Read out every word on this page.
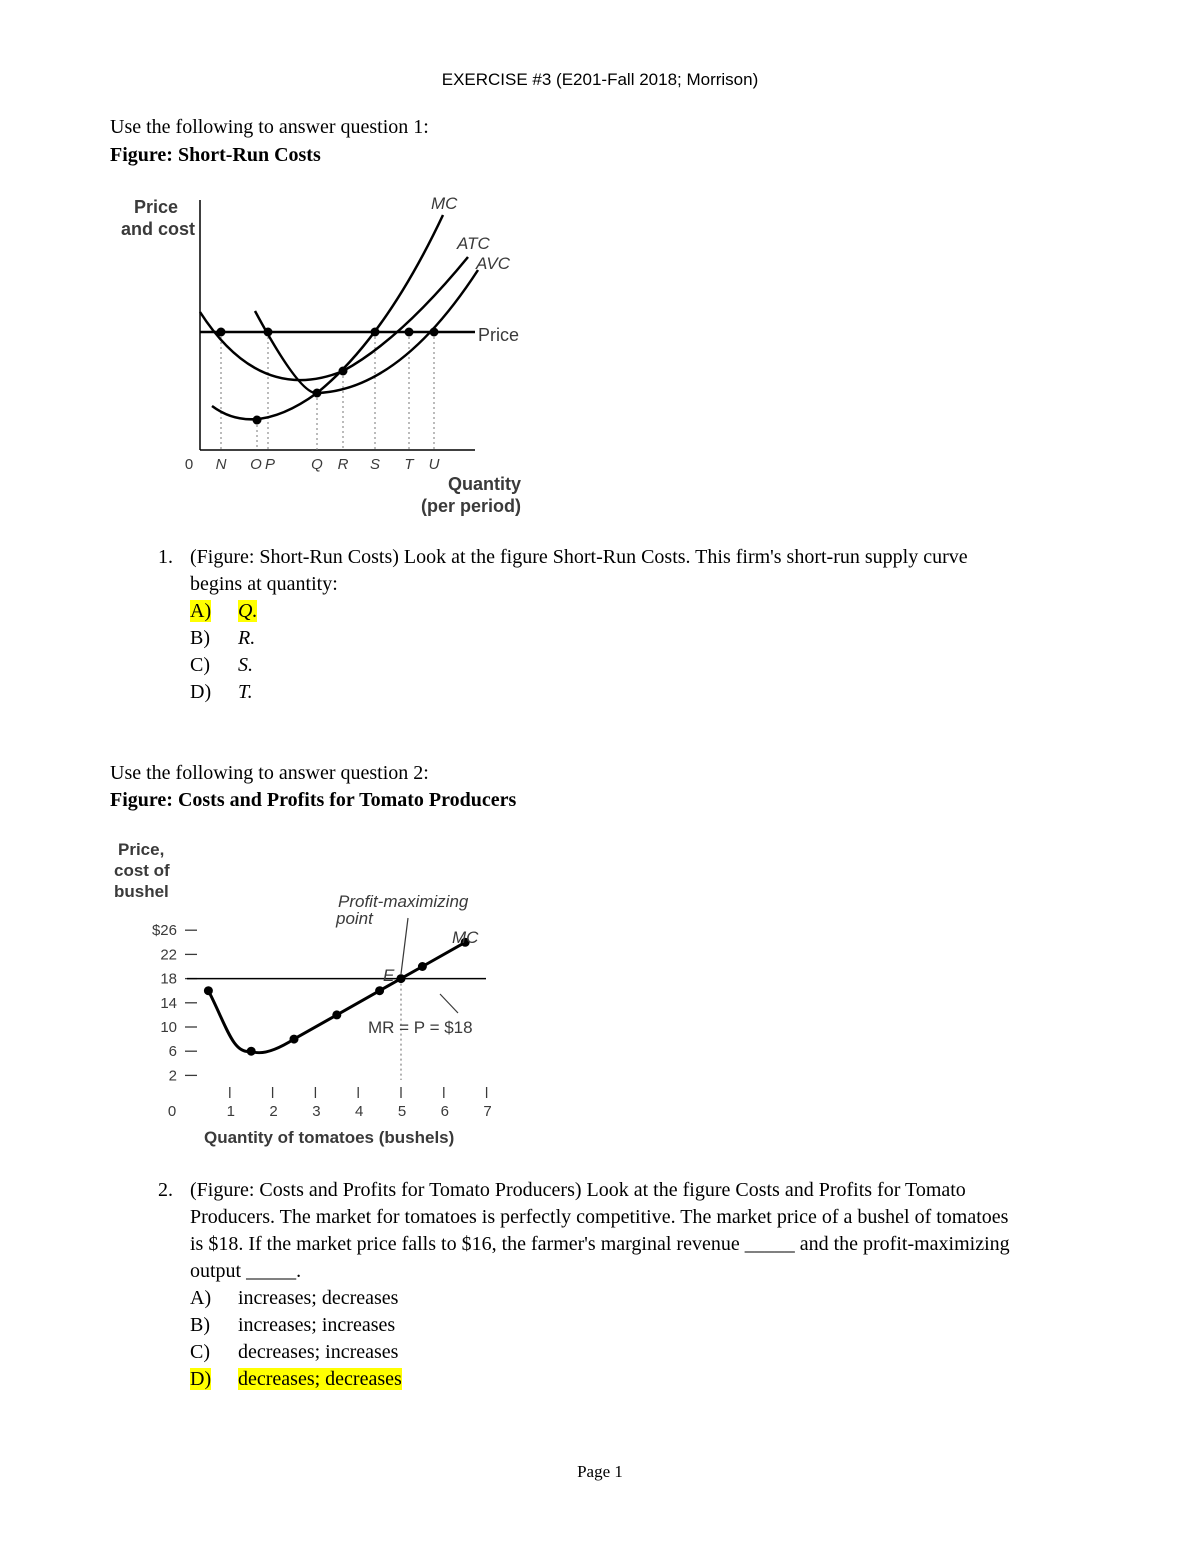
EXERCISE #3 (E201-Fall 2018; Morrison)
Use the following to answer question 1:
Figure: Short-Run Costs
Price
and cost
MC
ATC
AVC
Price
0 N O P Q R S T U
Quantity
(per period)
1. (Figure: Short-Run Costs) Look at the figure Short-Run Costs. This firm's short-run supply curve begins at quantity:
A)	Q.
B)	R.
C)	S.
D)	T.
Use the following to answer question 2:
Figure: Costs and Profits for Tomato Producers
Price,
cost of
bushel
$26
22
18
14
10
6
2
0	1 2 3 4 5 6 7
Profit-maximizing
point
MC
E
MR = P = $18
Quantity of tomatoes (bushels)
2. (Figure: Costs and Profits for Tomato Producers) Look at the figure Costs and Profits for Tomato Producers. The market for tomatoes is perfectly competitive. The market price of a bushel of tomatoes is $18. If the market price falls to $16, the farmer's marginal revenue _____ and the profit-maximizing output _____.
A)	increases; decreases
B)	increases; increases
C)	decreases; increases
D)	decreases; decreases
Page 1
